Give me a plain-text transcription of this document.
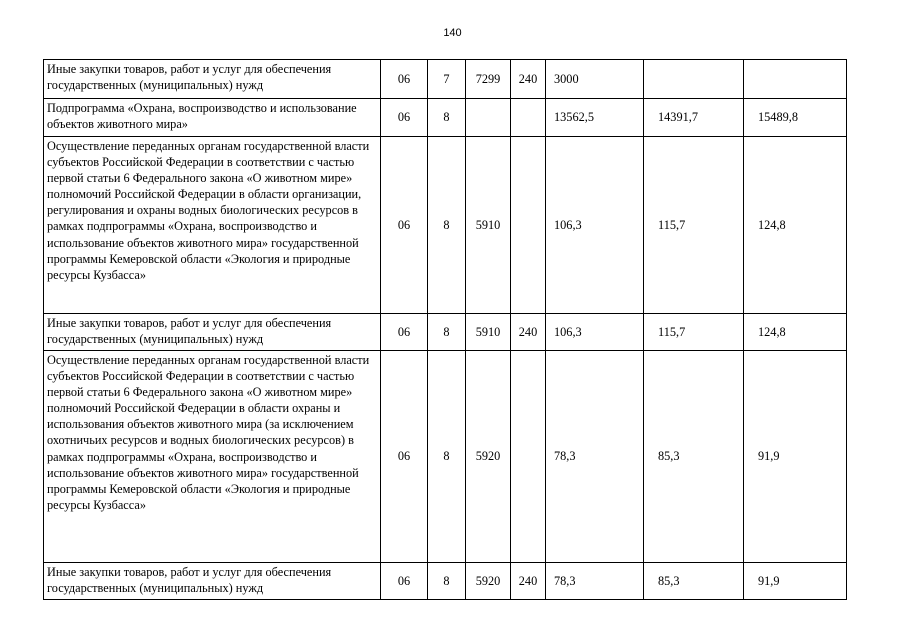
140
Иные закупки товаров, работ и услуг для обеспечения государственных (муниципальных) нужд	06	7	7299	240	3000		
Подпрограмма «Охрана, воспроизводство и использование объектов животного мира»	06	8			13562,5	14391,7	15489,8
Осуществление переданных органам государственной власти субъектов Российской Федерации в соответствии с частью первой статьи 6 Федерального закона «О животном мире» полномочий Российской Федерации в области организации, регулирования и охраны водных биологических ресурсов в рамках подпрограммы «Охрана, воспроизводство и использование объектов животного мира» государственной программы Кемеровской области «Экология и природные ресурсы Кузбасса»	06	8	5910		106,3	115,7	124,8
Иные закупки товаров, работ и услуг для обеспечения государственных (муниципальных) нужд	06	8	5910	240	106,3	115,7	124,8
Осуществление переданных органам государственной власти субъектов Российской Федерации в соответствии с частью первой статьи 6 Федерального закона «О животном мире» полномочий Российской Федерации в области охраны и использования объектов животного мира (за исключением охотничьих ресурсов и водных биологических ресурсов) в рамках подпрограммы «Охрана, воспроизводство и использование объектов животного мира» государственной программы Кемеровской области «Экология и природные ресурсы Кузбасса»	06	8	5920		78,3	85,3	91,9
Иные закупки товаров, работ и услуг для обеспечения государственных (муниципальных) нужд	06	8	5920	240	78,3	85,3	91,9
